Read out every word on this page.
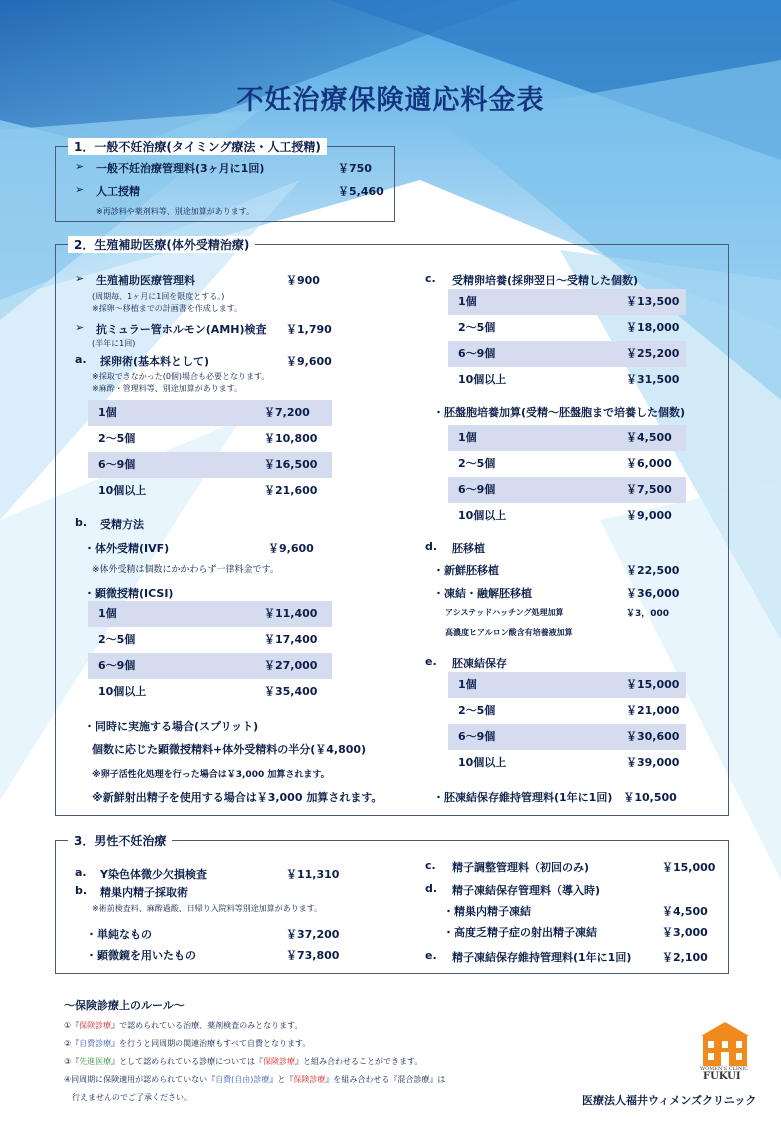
不妊治療保険適応料金表
1．一般不妊治療(タイミング療法・人工授精)
➢ 一般不妊治療管理料(3ヶ月に1回)	￥750
➢ 人工授精	￥5,460
※再診料や薬剤料等、別途加算があります。
2．生殖補助医療(体外受精治療)
➢ 生殖補助医療管理料	￥900
(周期毎、1ヶ月に1回を限度とする。)
※採卵～移植までの計画書を作成します。
➢ 抗ミュラー管ホルモン(AMH)検査 ￥1,790
(半年に1回)
a. 採卵術(基本料として)	￥9,600
※採取できなかった(0個)場合も必要となります。
※麻酔・管理料等、別途加算があります。
1個	￥7,200
2～5個	￥10,800
6～9個	￥16,500
10個以上	￥21,600
b. 受精方法
・体外受精(IVF)	￥9,600
※体外受精は個数にかかわらず一律料金です。
・顕微授精(ICSI)
1個	￥11,400
2～5個	￥17,400
6～9個	￥27,000
10個以上	￥35,400
・同時に実施する場合(スプリット)
個数に応じた顕微授精料+体外受精料の半分(￥4,800)
※卵子活性化処理を行った場合は￥3,000 加算されます。
※新鮮射出精子を使用する場合は￥3,000 加算されます。
c. 受精卵培養(採卵翌日～受精した個数)
1個	￥13,500
2～5個	￥18,000
6～9個	￥25,200
10個以上	￥31,500
・胚盤胞培養加算(受精～胚盤胞まで培養した個数)
1個	￥4,500
2～5個	￥6,000
6～9個	￥7,500
10個以上	￥9,000
d. 胚移植
・新鮮胚移植	￥22,500
・凍結・融解胚移植	￥36,000
アシステッドハッチング処理加算	￥3，000
高濃度ヒアルロン酸含有培養液加算
e. 胚凍結保存
1個	￥15,000
2～5個	￥21,000
6～9個	￥30,600
10個以上	￥39,000
・胚凍結保存維持管理料(1年に1回)　￥10,500
3．男性不妊治療
a. Y染色体微少欠損検査	￥11,310
b. 精巣内精子採取術
※術前検査料、麻酔過酸、日帰り入院料等別途加算があります。
・単純なもの	￥37,200
・顕微鏡を用いたもの	￥73,800
c. 精子調整管理料（初回のみ)	￥15,000
d. 精子凍結保存管理料（導入時)
・精巣内精子凍結	￥4,500
・高度乏精子症の射出精子凍結	￥3,000
e. 精子凍結保存維持管理料(1年に1回)	￥2,100
～保険診療上のルール～
①『保険診療』で認められている治療、薬剤検査のみとなります。
②『自費診療』を行うと同周期の関連治療もすべて自費となります。
③『先進医療』として認められている診療については『保険診療』と組み合わせることができます。
④同周期に保険適用が認められていない『自費(自由)診療』と『保険診療』を組み合わせる『混合診療』は
行えませんのでご了承ください。
WOMEN'S CLINIC
FUKUI
医療法人福井ウィメンズクリニック
